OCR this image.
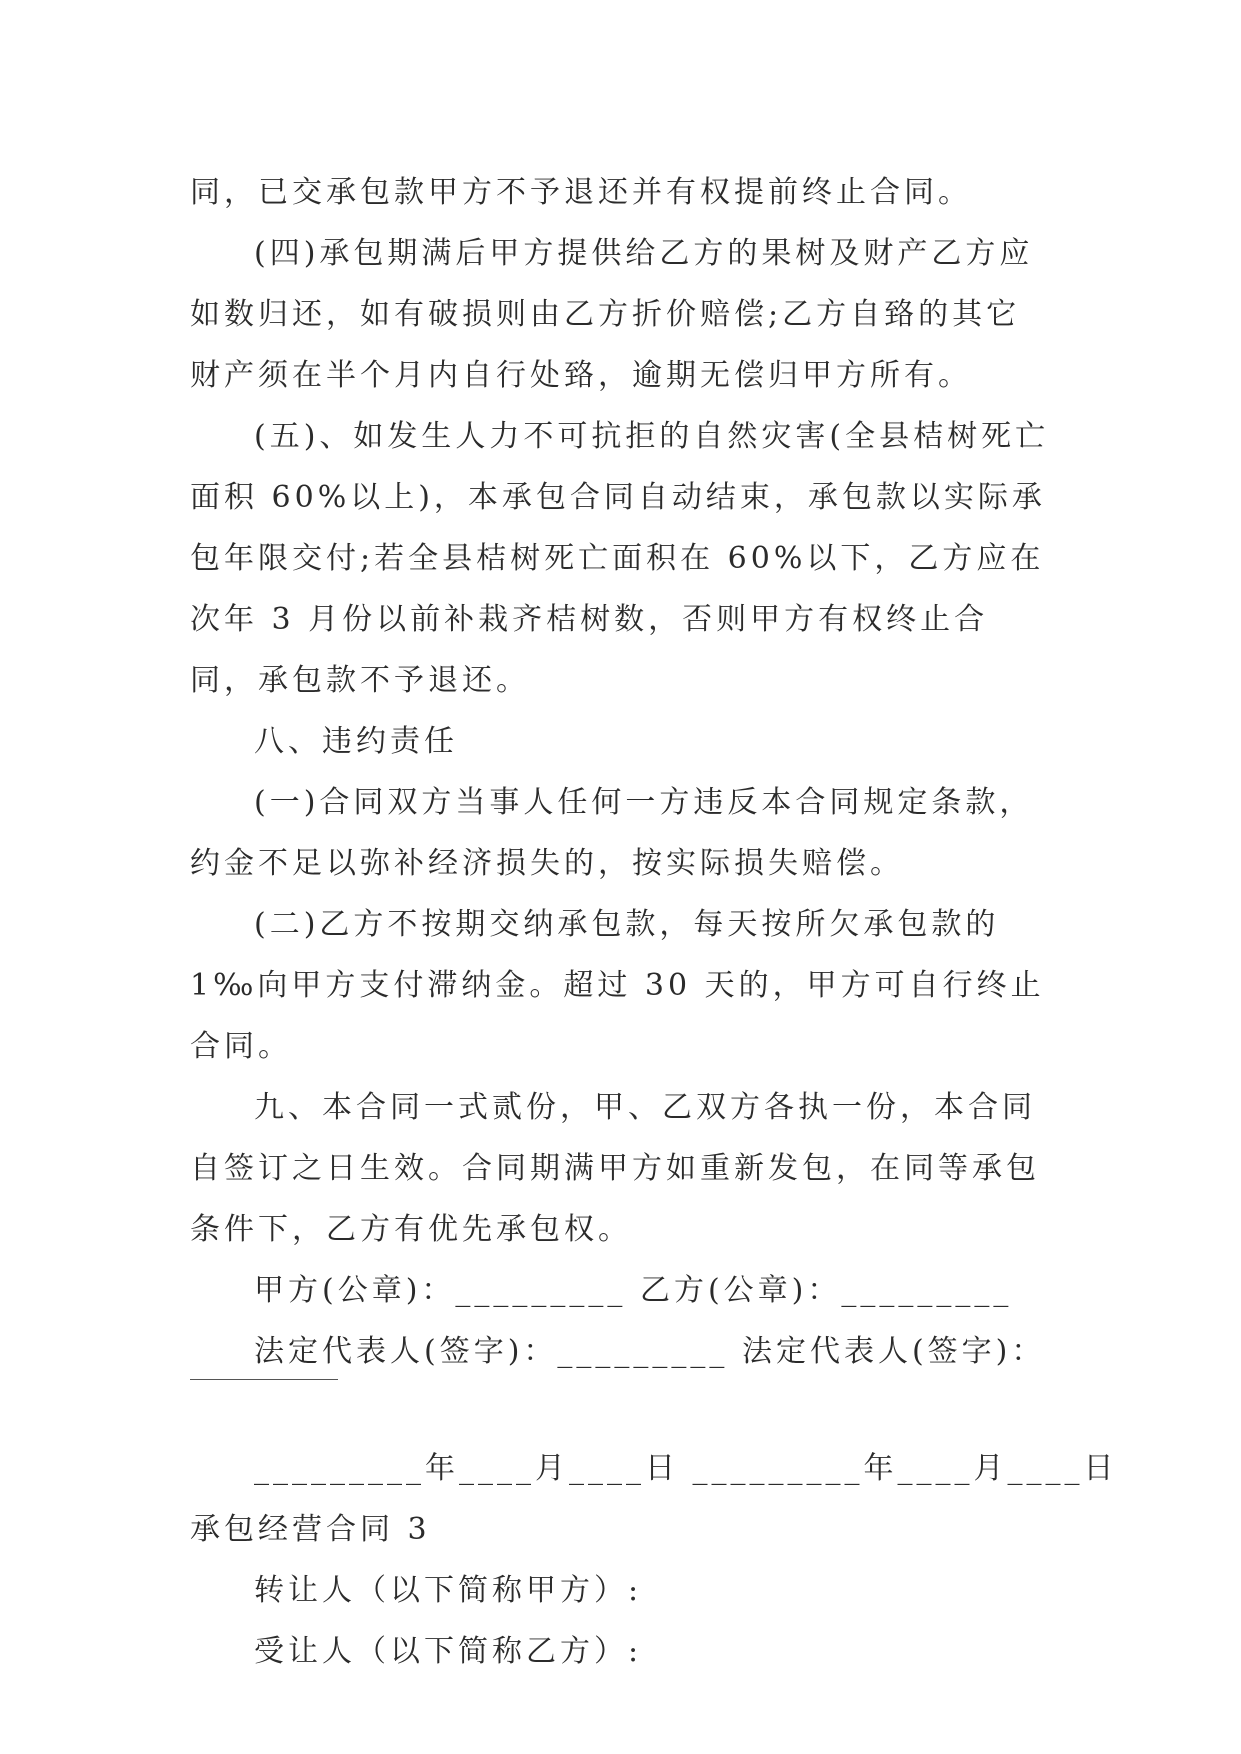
同，已交承包款甲方不予退还并有权提前终止合同。

(四)承包期满后甲方提供给乙方的果树及财产乙方应如数归还，如有破损则由乙方折价赔偿;乙方自臵的其它财产须在半个月内自行处臵，逾期无偿归甲方所有。

(五)、如发生人力不可抗拒的自然灾害(全县桔树死亡面积 60%以上)，本承包合同自动结束，承包款以实际承包年限交付;若全县桔树死亡面积在 60%以下，乙方应在次年 3 月份以前补栽齐桔树数，否则甲方有权终止合同，承包款不予退还。

八、违约责任

(一)合同双方当事人任何一方违反本合同规定条款，约金不足以弥补经济损失的，按实际损失赔偿。

(二)乙方不按期交纳承包款，每天按所欠承包款的 1‰向甲方支付滞纳金。超过 30 天的，甲方可自行终止合同。

九、本合同一式贰份，甲、乙双方各执一份，本合同自签订之日生效。合同期满甲方如重新发包，在同等承包条件下，乙方有优先承包权。

甲方(公章)：_________ 乙方(公章)：_________

法定代表人(签字)：_________ 法定代表人(签字)：

_________年____月____日 _________年____月____日

承包经营合同 3

转让人（以下简称甲方）:

受让人（以下简称乙方）:
